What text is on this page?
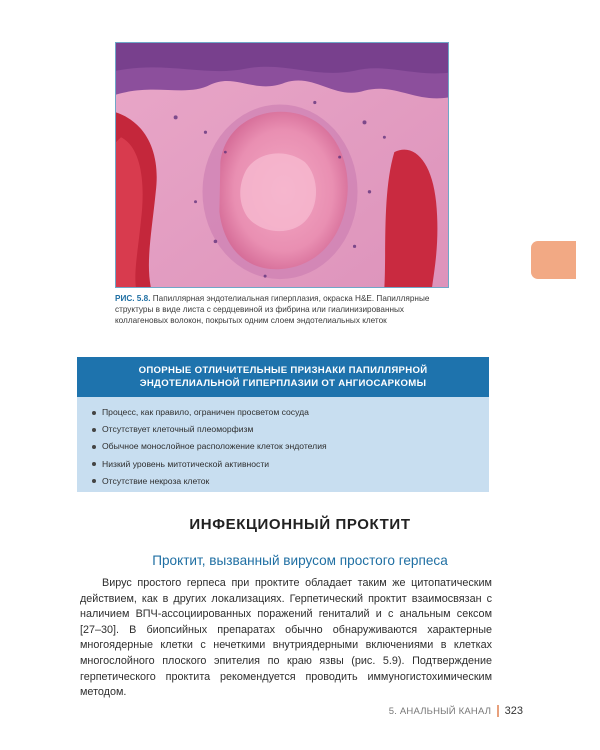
РИС. 5.8. Папиллярная эндотелиальная гиперплазия, окраска H&E. Папиллярные структуры в виде листа с сердцевиной из фибрина или гиалинизированных коллагеновых волокон, покрытых одним слоем эндотелиальных клеток
ОПОРНЫЕ ОТЛИЧИТЕЛЬНЫЕ ПРИЗНАКИ ПАПИЛЛЯРНОЙ ЭНДОТЕЛИАЛЬНОЙ ГИПЕРПЛАЗИИ ОТ АНГИОСАРКОМЫ
Процесс, как правило, ограничен просветом сосуда
Отсутствует клеточный плеоморфизм
Обычное монослойное расположение клеток эндотелия
Низкий уровень митотической активности
Отсутствие некроза клеток
ИНФЕКЦИОННЫЙ ПРОКТИТ
Проктит, вызванный вирусом простого герпеса
Вирус простого герпеса при проктите обладает таким же цитопатическим действием, как в других локализациях. Герпетический проктит взаимосвязан с наличием ВПЧ-ассоциированных поражений гениталий и с анальным сексом [27–30]. В биопсийных препаратах обычно обнаруживаются характерные многоядерные клетки с нечеткими внутриядерными включениями в клетках многослойного плоского эпителия по краю язвы (рис. 5.9). Подтверждение герпетического проктита рекомендуется проводить иммуногистохимическим методом.
5. АНАЛЬНЫЙ КАНАЛ 323
